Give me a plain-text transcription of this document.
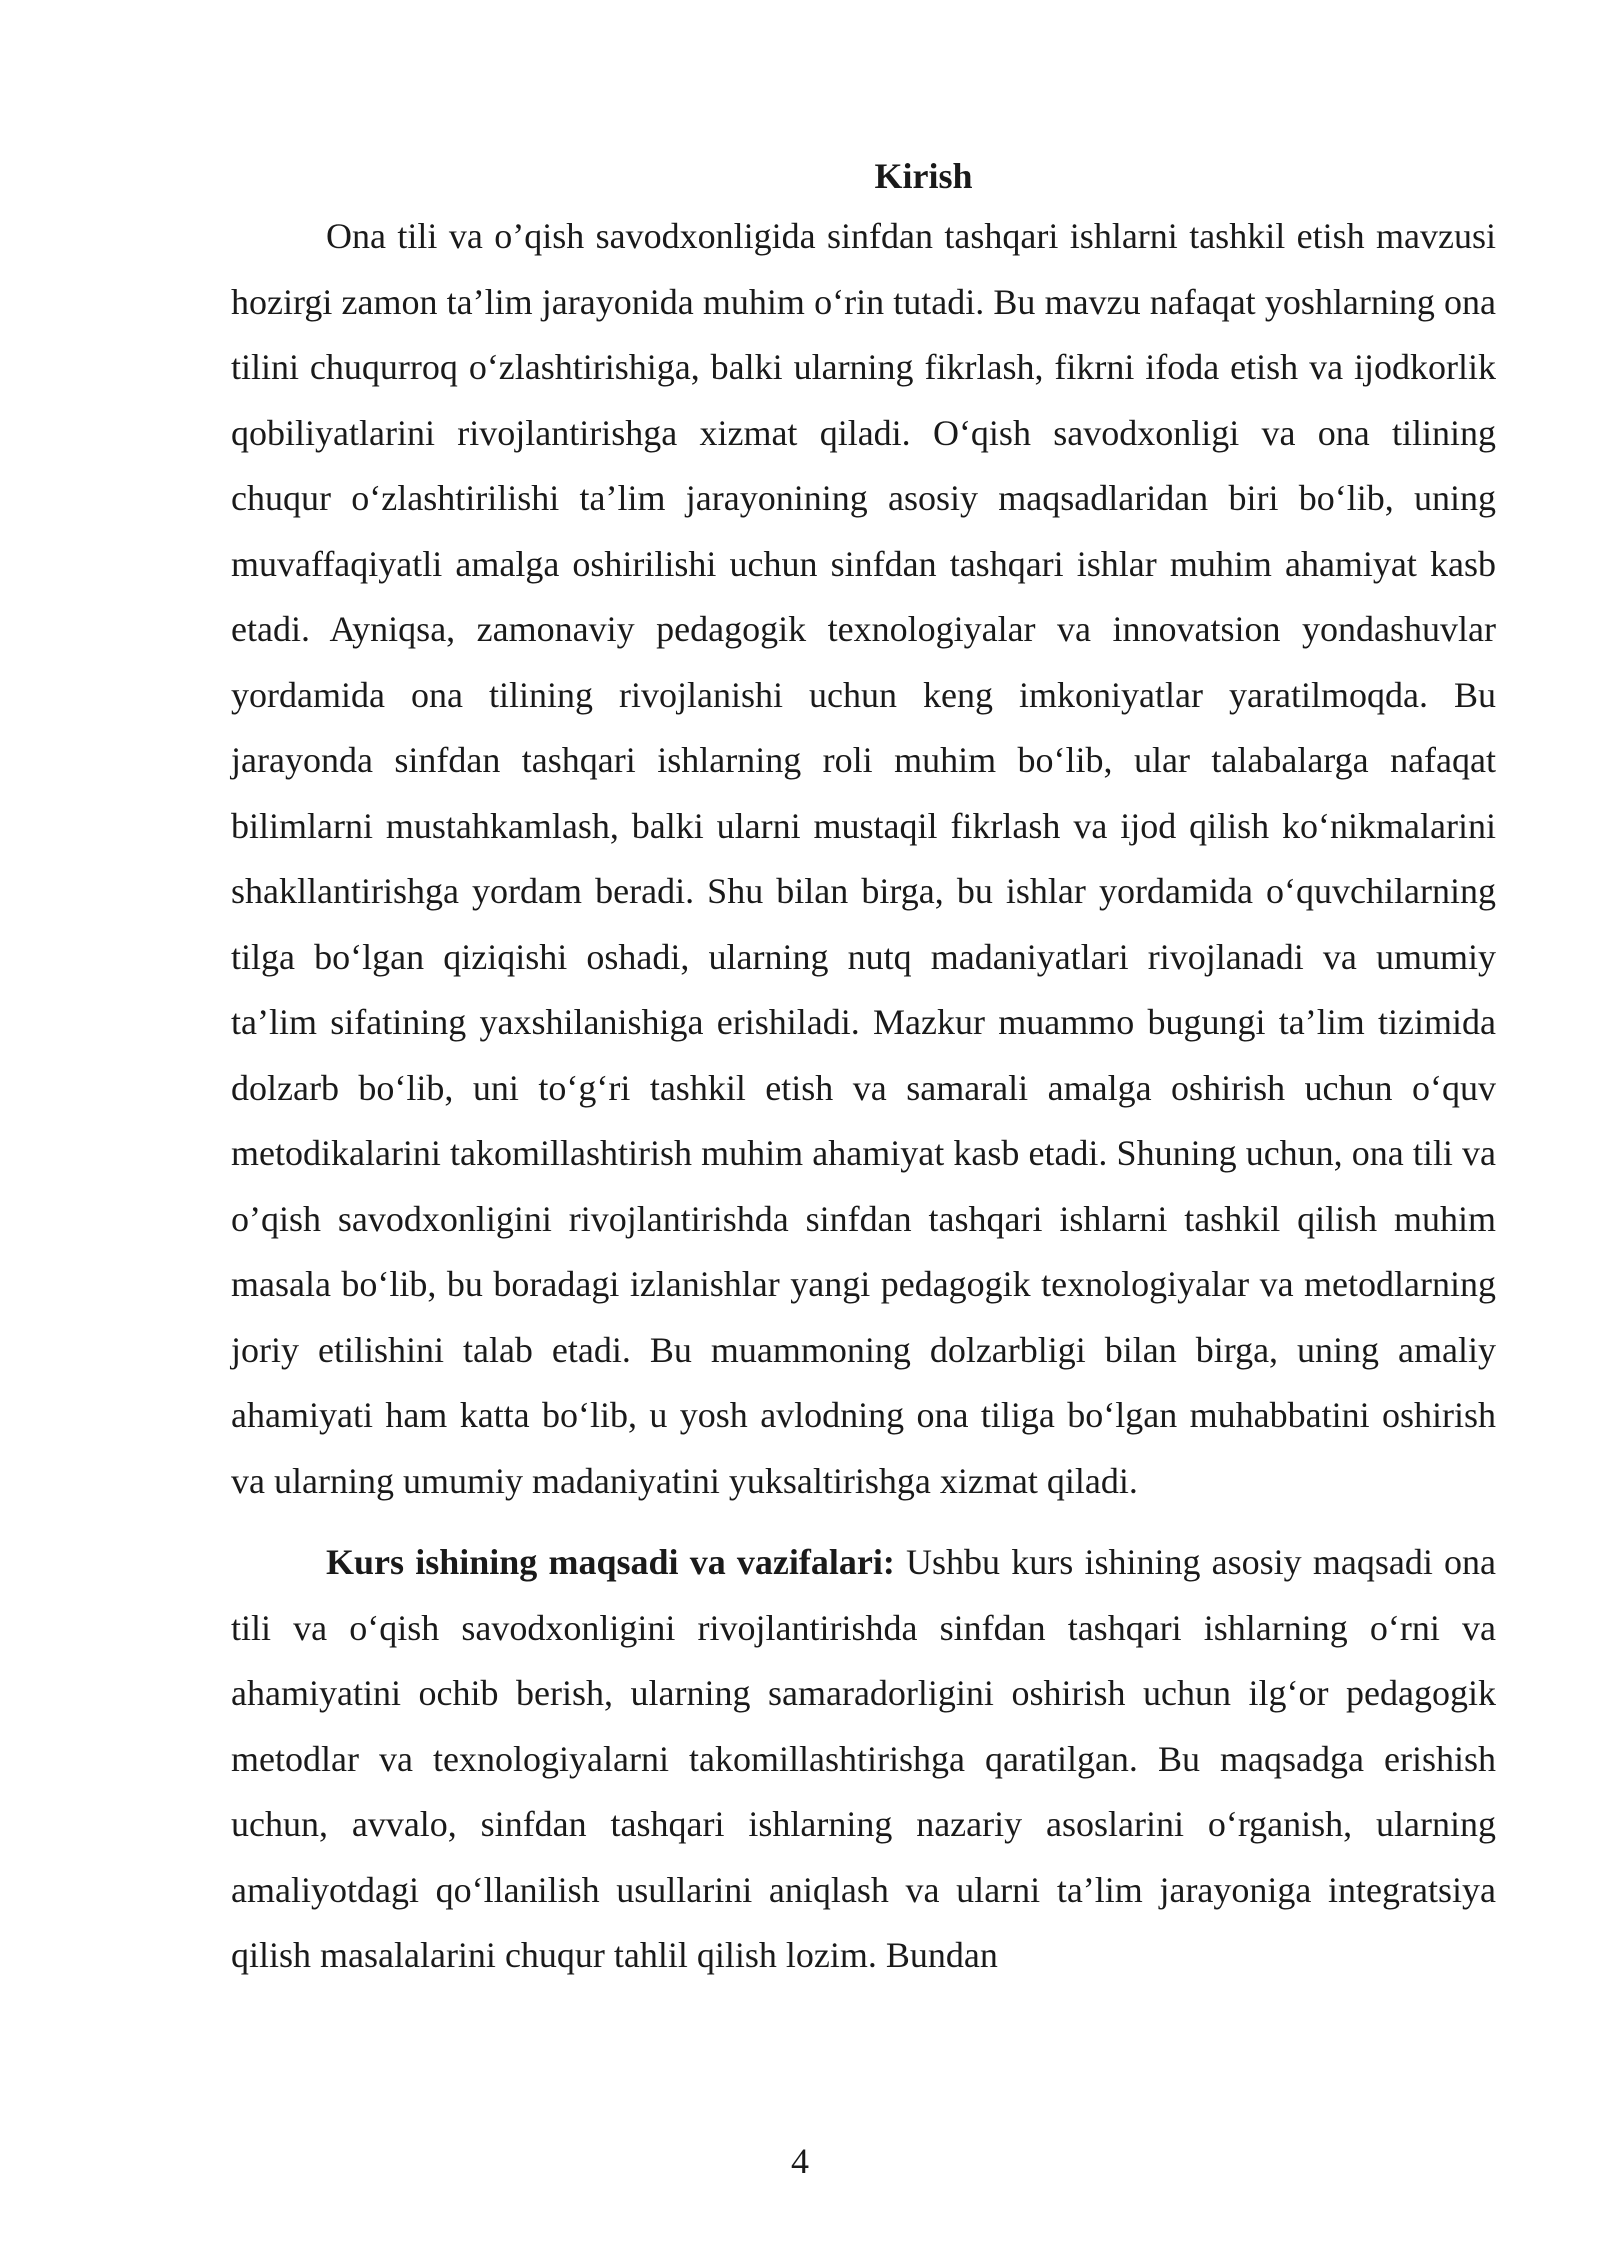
Kirish

Ona tili va o’qish savodxonligida sinfdan tashqari ishlarni tashkil etish mavzusi hozirgi zamon ta’lim jarayonida muhim o‘rin tutadi. Bu mavzu nafaqat yoshlarning ona tilini chuqurroq o‘zlashtirishiga, balki ularning fikrlash, fikrni ifoda etish va ijodkorlik qobiliyatlarini rivojlantirishga xizmat qiladi. O‘qish savodxonligi va ona tilining chuqur o‘zlashtirilishi ta’lim jarayonining asosiy maqsadlaridan biri bo‘lib, uning muvaffaqiyatli amalga oshirilishi uchun sinfdan tashqari ishlar muhim ahamiyat kasb etadi. Ayniqsa, zamonaviy pedagogik texnologiyalar va innovatsion yondashuvlar yordamida ona tilining rivojlanishi uchun keng imkoniyatlar yaratilmoqda. Bu jarayonda sinfdan tashqari ishlarning roli muhim bo‘lib, ular talabalarga nafaqat bilimlarni mustahkamlash, balki ularni mustaqil fikrlash va ijod qilish ko‘nikmalarini shakllantirishga yordam beradi. Shu bilan birga, bu ishlar yordamida o‘quvchilarning tilga bo‘lgan qiziqishi oshadi, ularning nutq madaniyatlari rivojlanadi va umumiy ta’lim sifatining yaxshilanishiga erishiladi. Mazkur muammo bugungi ta’lim tizimida dolzarb bo‘lib, uni to‘g‘ri tashkil etish va samarali amalga oshirish uchun o‘quv metodikalarini takomillashtirish muhim ahamiyat kasb etadi. Shuning uchun, ona tili va o’qish savodxonligini rivojlantirishda sinfdan tashqari ishlarni tashkil qilish muhim masala bo‘lib, bu boradagi izlanishlar yangi pedagogik texnologiyalar va metodlarning joriy etilishini talab etadi. Bu muammoning dolzarbligi bilan birga, uning amaliy ahamiyati ham katta bo‘lib, u yosh avlodning ona tiliga bo‘lgan muhabbatini oshirish va ularning umumiy madaniyatini yuksaltirishga xizmat qiladi.

Kurs ishining maqsadi va vazifalari: Ushbu kurs ishining asosiy maqsadi ona tili va o‘qish savodxonligini rivojlantirishda sinfdan tashqari ishlarning o‘rni va ahamiyatini ochib berish, ularning samaradorligini oshirish uchun ilg‘or pedagogik metodlar va texnologiyalarni takomillashtirishga qaratilgan. Bu maqsadga erishish uchun, avvalo, sinfdan tashqari ishlarning nazariy asoslarini o‘rganish, ularning amaliyotdagi qo‘llanilish usullarini aniqlash va ularni ta’lim jarayoniga integratsiya qilish masalalarini chuqur tahlil qilish lozim. Bundan

4
